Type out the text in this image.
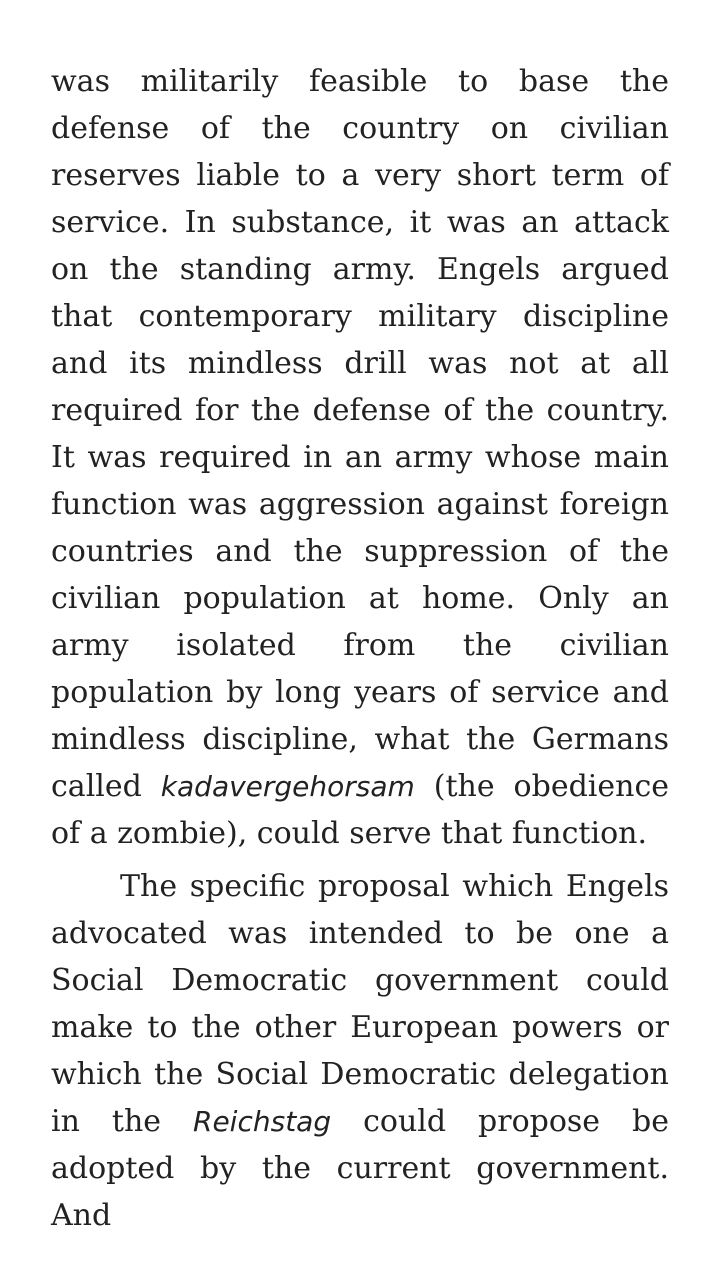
was militarily feasible to base the defense of the country on civilian reserves liable to a very short term of service. In substance, it was an attack on the standing army. Engels argued that contemporary military discipline and its mindless drill was not at all required for the defense of the country. It was required in an army whose main function was aggression against foreign countries and the suppression of the civilian population at home. Only an army isolated from the civilian population by long years of service and mindless discipline, what the Germans called kadavergehorsam (the obedience of a zombie), could serve that function.

The specific proposal which Engels advocated was intended to be one a Social Democratic government could make to the other European powers or which the Social Democratic delegation in the Reichstag could propose be adopted by the current government. And
